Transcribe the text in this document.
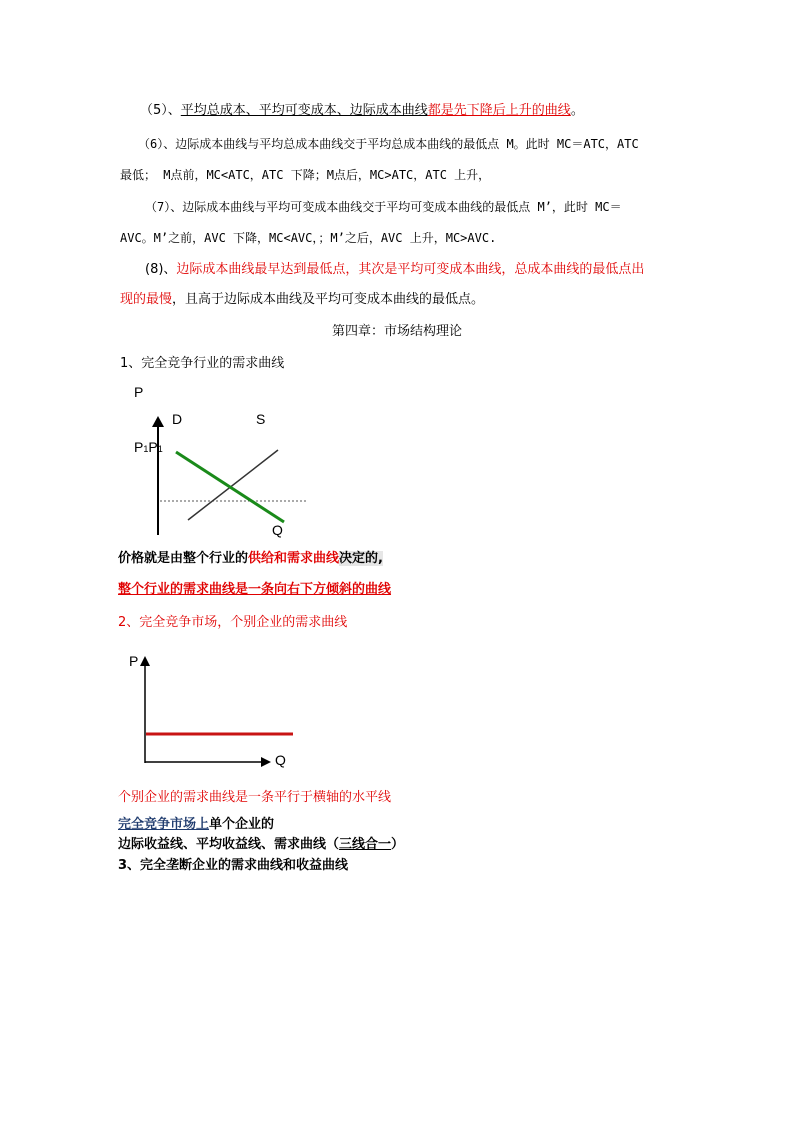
（5）、平均总成本、平均可变成本、边际成本曲线都是先下降后上升的曲线。
（6）、边际成本曲线与平均总成本曲线交于平均总成本曲线的最低点 M。此时 MC＝ATC，ATC
最低； M点前，MC<ATC，ATC 下降；M点后，MC>ATC，ATC 上升，
（7）、边际成本曲线与平均可变成本曲线交于平均可变成本曲线的最低点 M’，此时 MC＝
AVC。M’之前，AVC 下降，MC<AVC，；M’之后，AVC 上升，MC>AVC.
(8)、边际成本曲线最早达到最低点，其次是平均可变成本曲线，总成本曲线的最低点出
现的最慢，且高于边际成本曲线及平均可变成本曲线的最低点。
第四章：市场结构理论
1、完全竞争行业的需求曲线
P
D	S
P1P1
Q
价格就是由整个行业的供给和需求曲线决定的,
整个行业的需求曲线是一条向右下方倾斜的曲线
2、完全竞争市场，个别企业的需求曲线
P
Q
个别企业的需求曲线是一条平行于横轴的水平线
完全竞争市场上单个企业的
边际收益线、平均收益线、需求曲线（三线合一）
3、完全垄断企业的需求曲线和收益曲线
